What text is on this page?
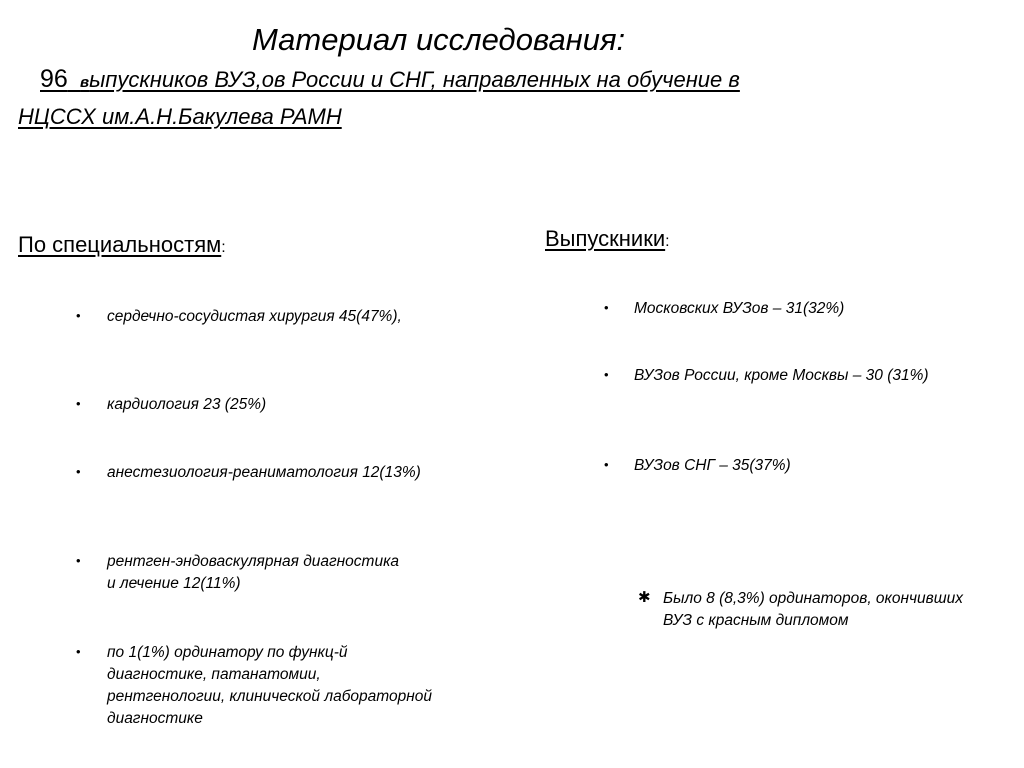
Материал исследования:
96 выпускников ВУЗ,ов России и СНГ, направленных на обучение в
НЦССХ им.А.Н.Бакулева РАМН
По специальностям:
• сердечно-сосудистая хирургия 45(47%),
• кардиология 23 (25%)
• анестезиология-реаниматология 12(13%)
• рентген-эндоваскулярная диагностика и лечение 12(11%)
• по 1(1%) ординатору по функц-й диагностике, патанатомии, рентгенологии, клинической лабораторной диагностике
Выпускники:
• Московских ВУЗов – 31(32%)
• ВУЗов России, кроме Москвы – 30 (31%)
• ВУЗов СНГ – 35(37%)
✱ Было 8 (8,3%) ординаторов, окончивших ВУЗ с красным дипломом
